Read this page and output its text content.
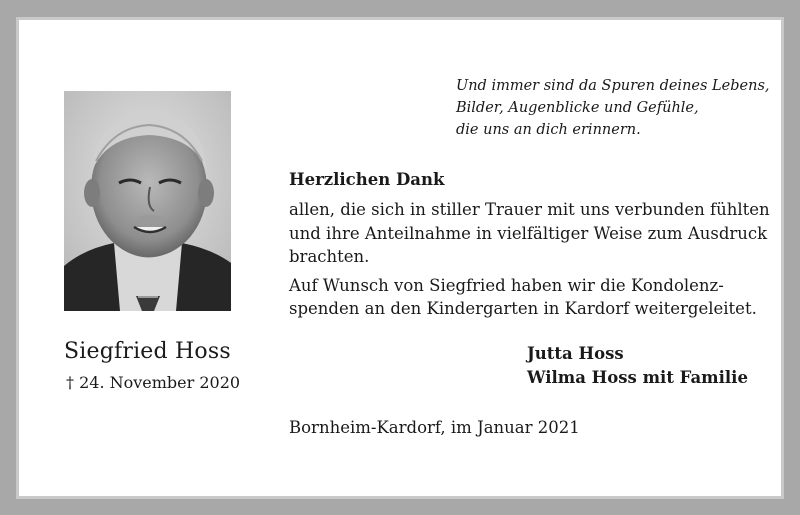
Siegfried Hoss
† 24. November 2020
Und immer sind da Spuren deines Lebens,
Bilder, Augenblicke und Gefühle,
die uns an dich erinnern.
Herzlichen Dank
allen, die sich in stiller Trauer mit uns verbunden fühlten
und ihre Anteilnahme in vielfältiger Weise zum Ausdruck
brachten.
Auf Wunsch von Siegfried haben wir die Kondolenz-
spenden an den Kindergarten in Kardorf weitergeleitet.
Jutta Hoss
Wilma Hoss mit Familie
Bornheim-Kardorf, im Januar 2021
